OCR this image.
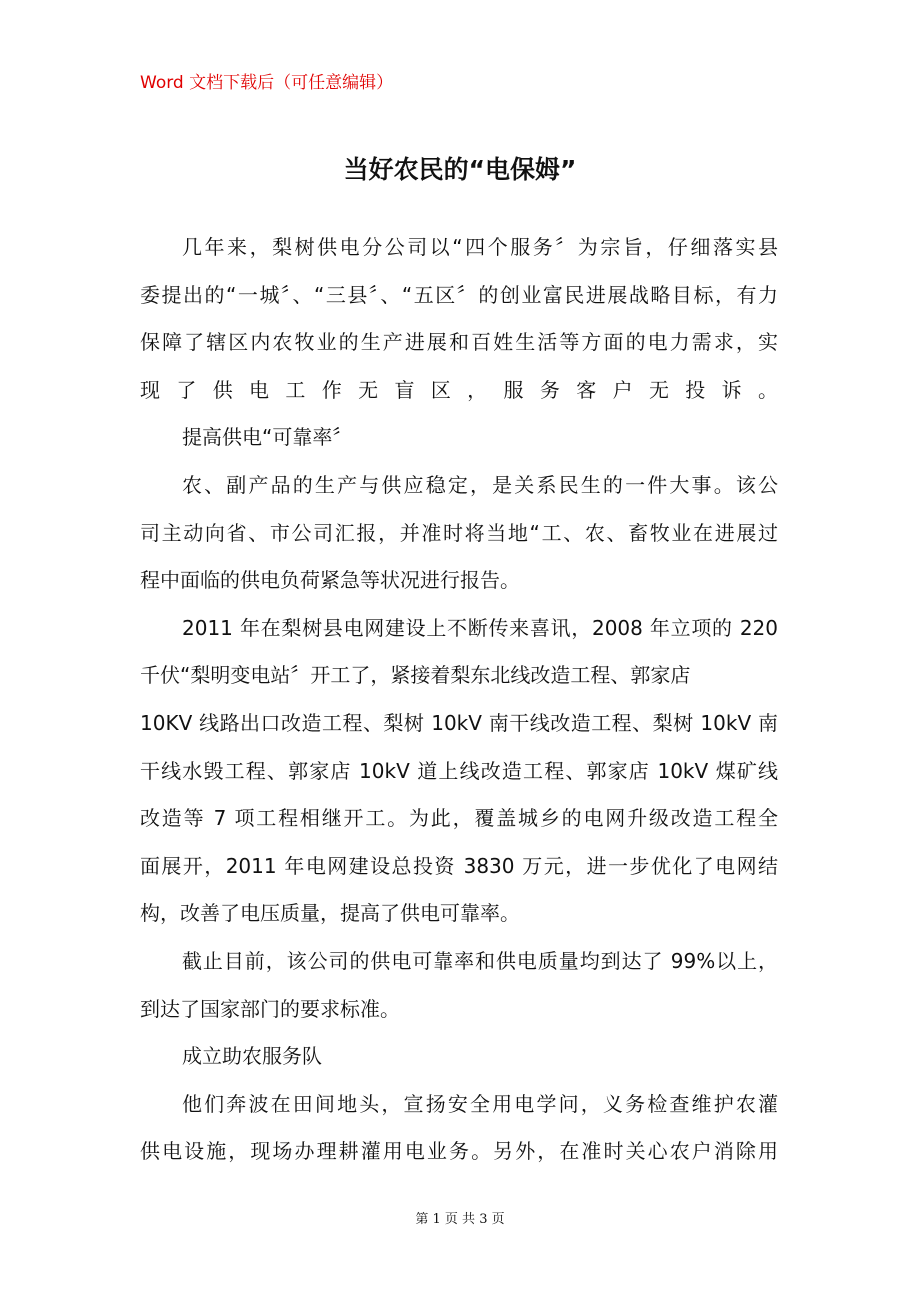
Word 文档下载后（可任意编辑）
当好农民的“电保姆”
几年来，梨树供电分公司以“四个服务〞为宗旨，仔细落实县
委提出的“一城〞、“三县〞、“五区〞的创业富民进展战略目标，有力
保障了辖区内农牧业的生产进展和百姓生活等方面的电力需求，实
现了供电工作无盲区，服务客户无投诉。
提高供电“可靠率〞
农、副产品的生产与供应稳定，是关系民生的一件大事。该公
司主动向省、市公司汇报，并准时将当地“工、农、畜牧业在进展过
程中面临的供电负荷紧急等状况进行报告。
2011 年在梨树县电网建设上不断传来喜讯，2008 年立项的 220
千伏“梨明变电站〞开工了，紧接着梨东北线改造工程、郭家店
10KV 线路出口改造工程、梨树 10kV 南干线改造工程、梨树 10kV 南
干线水毁工程、郭家店 10kV 道上线改造工程、郭家店 10kV 煤矿线
改造等 7 项工程相继开工。为此，覆盖城乡的电网升级改造工程全
面展开，2011 年电网建设总投资 3830 万元，进一步优化了电网结
构，改善了电压质量，提高了供电可靠率。
截止目前，该公司的供电可靠率和供电质量均到达了 99%以上，
到达了国家部门的要求标准。
成立助农服务队
他们奔波在田间地头，宣扬安全用电学问，义务检查维护农灌
供电设施，现场办理耕灌用电业务。另外，在准时关心农户消除用
第 1 页 共 3 页
